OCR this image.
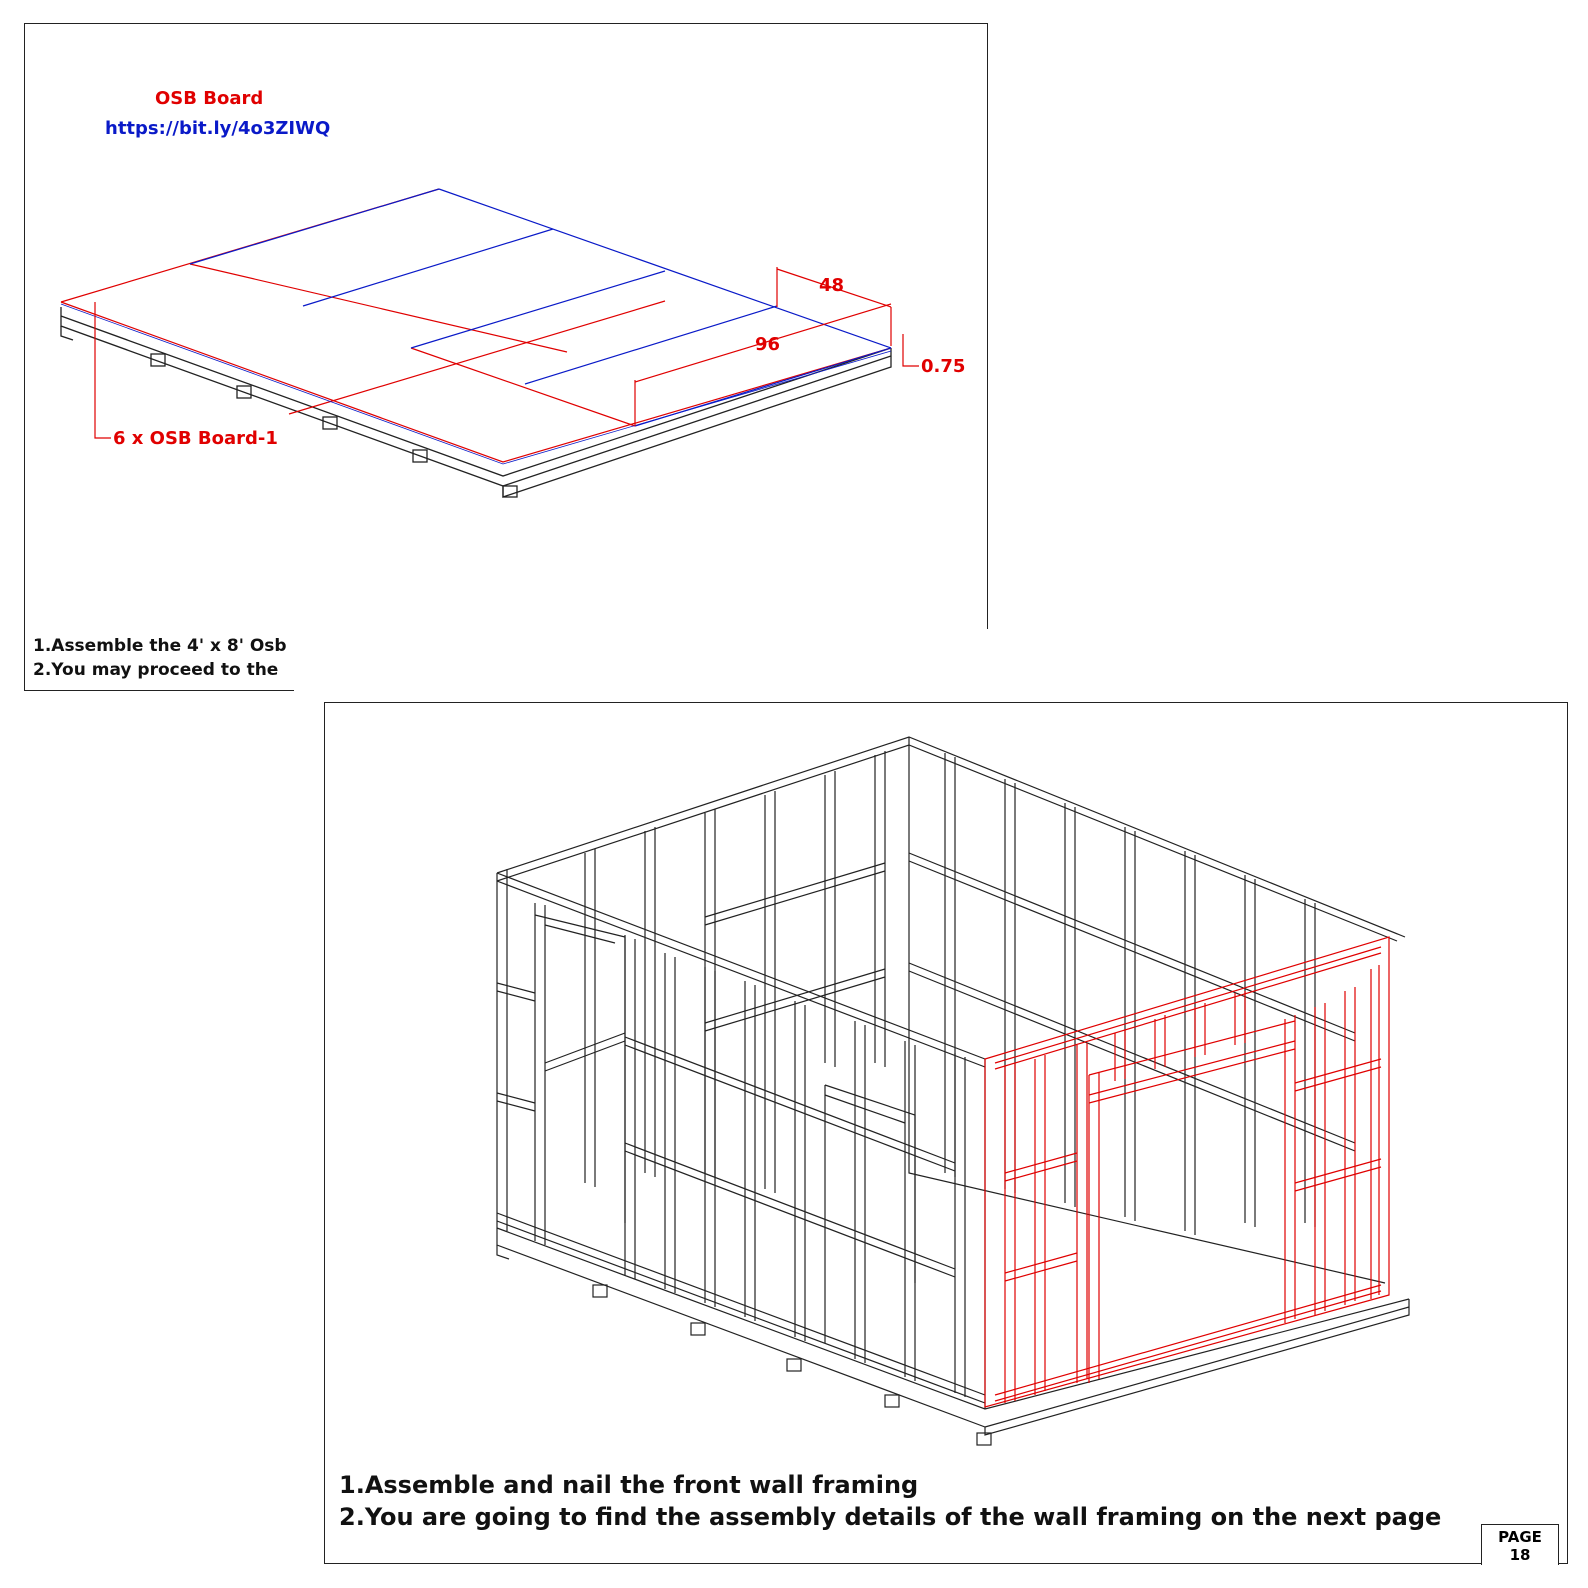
OSB Board
https://bit.ly/4o3ZIWQ
48
96
0.75
6 x OSB Board-1
1.Assemble the 4' x 8' Osb
2.You may proceed to the
1.Assemble and nail the front wall framing
2.You are going to find the assembly details of the wall framing on the next page
PAGE
18
